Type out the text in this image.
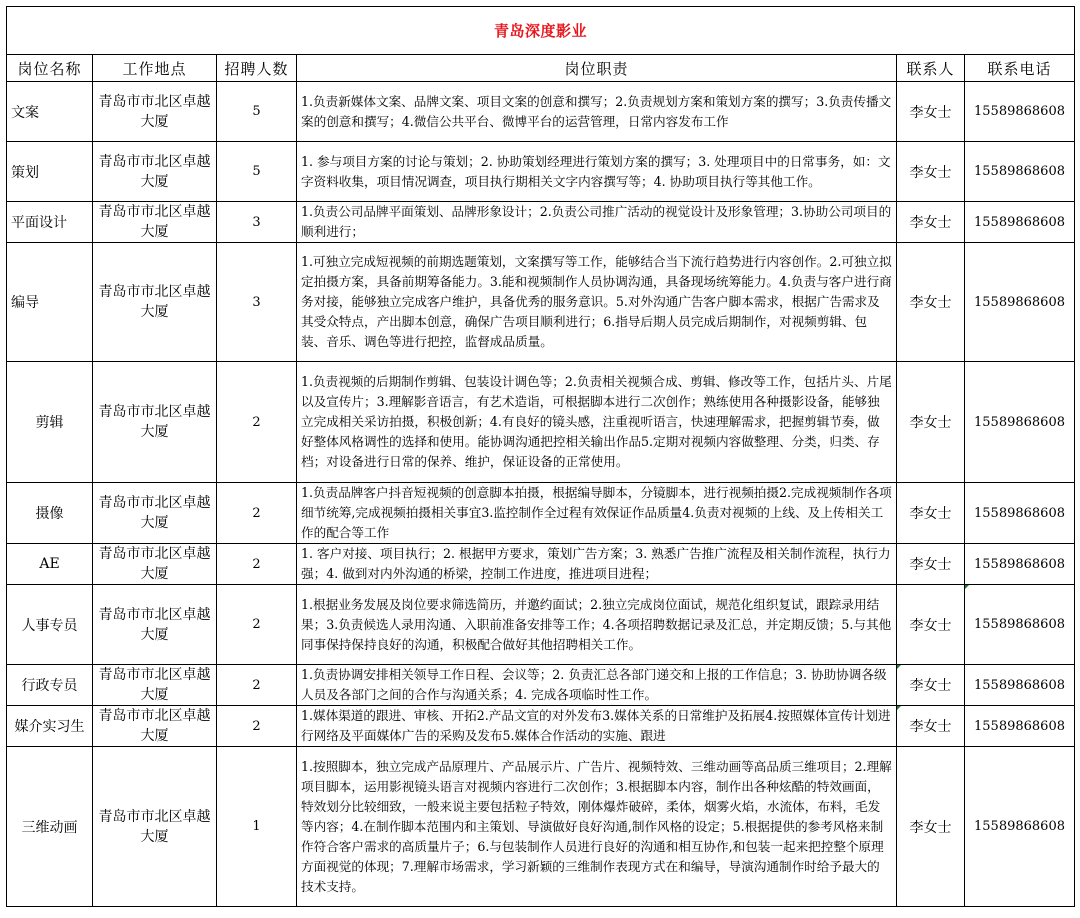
青岛深度影业					
岗位名称	工作地点	招聘人数	岗位职责	联系人	联系电话
文案	青岛市市北区卓越大厦	5	1.负责新媒体文案、品牌文案、项目文案的创意和撰写；2.负责规划方案和策划方案的撰写；3.负责传播文案的创意和撰写；4.微信公共平台、微博平台的运营管理，日常内容发布工作	李女士	15589868608
策划	青岛市市北区卓越大厦	5	1. 参与项目方案的讨论与策划；2. 协助策划经理进行策划方案的撰写；3. 处理项目中的日常事务，如：文字资料收集，项目情况调查，项目执行期相关文字内容撰写等；4. 协助项目执行等其他工作。	李女士	15589868608
平面设计	青岛市市北区卓越大厦	3	1.负责公司品牌平面策划、品牌形象设计；2.负责公司推广活动的视觉设计及形象管理；3.协助公司项目的顺利进行；	李女士	15589868608
编导	青岛市市北区卓越大厦	3	1.可独立完成短视频的前期选题策划，文案撰写等工作，能够结合当下流行趋势进行内容创作。2.可独立拟定拍摄方案，具备前期筹备能力。3.能和视频制作人员协调沟通，具备现场统筹能力。4.负责与客户进行商务对接，能够独立完成客户维护，具备优秀的服务意识。5.对外沟通广告客户脚本需求，根据广告需求及其受众特点，产出脚本创意，确保广告项目顺利进行；6.指导后期人员完成后期制作，对视频剪辑、包装、音乐、调色等进行把控，监督成品质量。	李女士	15589868608
剪辑	青岛市市北区卓越大厦	2	1.负责视频的后期制作剪辑、包装设计调色等；2.负责相关视频合成、剪辑、修改等工作，包括片头、片尾以及宣传片；3.理解影音语言，有艺术造诣，可根据脚本进行二次创作；熟练使用各种摄影设备，能够独立完成相关采访拍摄，积极创新；4.有良好的镜头感，注重视听语言，快速理解需求，把握剪辑节奏，做好整体风格调性的选择和使用。能协调沟通把控相关输出作品5.定期对视频内容做整理、分类，归类、存档；对设备进行日常的保养、维护，保证设备的正常使用。	李女士	15589868608
摄像	青岛市市北区卓越大厦	2	1.负责品牌客户抖音短视频的创意脚本拍摄，根据编导脚本，分镜脚本，进行视频拍摄2.完成视频制作各项细节统筹,完成视频拍摄相关事宜3.监控制作全过程有效保证作品质量4.负责对视频的上线、及上传相关工作的配合等工作	李女士	15589868608
AE	青岛市市北区卓越大厦	2	1. 客户对接、项目执行；2. 根据甲方要求，策划广告方案；3. 熟悉广告推广流程及相关制作流程，执行力强；4. 做到对内外沟通的桥梁，控制工作进度，推进项目进程；	李女士	15589868608
人事专员	青岛市市北区卓越大厦	2	1.根据业务发展及岗位要求筛选简历，并邀约面试；2.独立完成岗位面试，规范化组织复试，跟踪录用结果；3.负责候选人录用沟通、入职前准备安排等工作；4.各项招聘数据记录及汇总，并定期反馈；5.与其他同事保持保持良好的沟通，积极配合做好其他招聘相关工作。	李女士	15589868608
行政专员	青岛市市北区卓越大厦	2	1.负责协调安排相关领导工作日程、会议等；2. 负责汇总各部门递交和上报的工作信息；3. 协助协调各级人员及各部门之间的合作与沟通关系；4. 完成各项临时性工作。	李女士	15589868608
媒介实习生	青岛市市北区卓越大厦	2	1.媒体渠道的跟进、审核、开拓2.产品文宣的对外发布3.媒体关系的日常维护及拓展4.按照媒体宣传计划进行网络及平面媒体广告的采购及发布5.媒体合作活动的实施、跟进	李女士	15589868608
三维动画	青岛市市北区卓越大厦	1	1.按照脚本，独立完成产品原理片、产品展示片、广告片、视频特效、三维动画等高品质三维项目；2.理解项目脚本，运用影视镜头语言对视频内容进行二次创作；3.根据脚本内容，制作出各种炫酷的特效画面，特效划分比较细致，一般来说主要包括粒子特效，刚体爆炸破碎，柔体，烟雾火焰，水流体，布料，毛发等内容；4.在制作脚本范围内和主策划、导演做好良好沟通,制作风格的设定；5.根据提供的参考风格来制作符合客户需求的高质量片子；6.与包装制作人员进行良好的沟通和相互协作,和包装一起来把控整个原理方面视觉的体现；7.理解市场需求，学习新颖的三维制作表现方式在和编导，导演沟通制作时给予最大的技术支持。	李女士	15589868608
